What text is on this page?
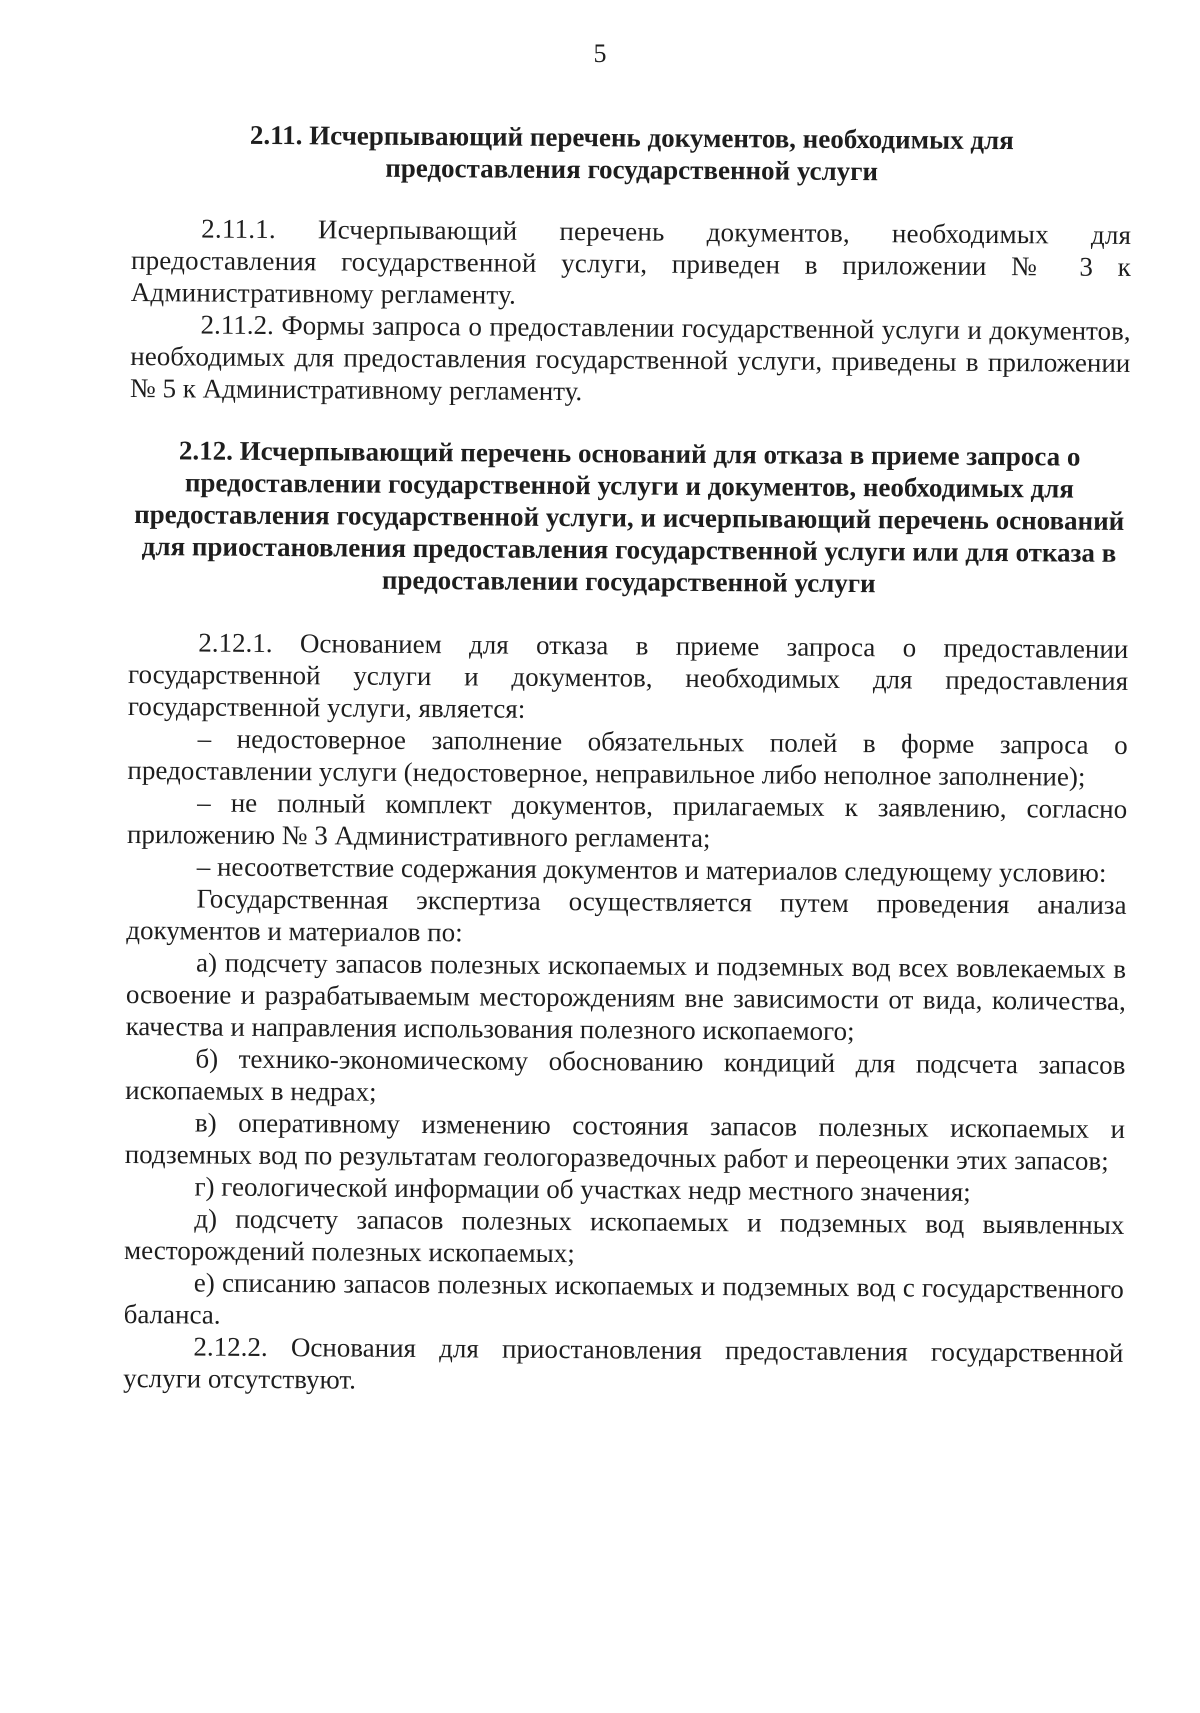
5

2.11. Исчерпывающий перечень документов, необходимых для предоставления государственной услуги

2.11.1. Исчерпывающий перечень документов, необходимых для предоставления государственной услуги, приведен в приложении № 3 к Административному регламенту.

2.11.2. Формы запроса о предоставлении государственной услуги и документов, необходимых для предоставления государственной услуги, приведены в приложении № 5 к Административному регламенту.

2.12. Исчерпывающий перечень оснований для отказа в приеме запроса о предоставлении государственной услуги и документов, необходимых для предоставления государственной услуги, и исчерпывающий перечень оснований для приостановления предоставления государственной услуги или для отказа в предоставлении государственной услуги

2.12.1. Основанием для отказа в приеме запроса о предоставлении государственной услуги и документов, необходимых для предоставления государственной услуги, является:

– недостоверное заполнение обязательных полей в форме запроса о предоставлении услуги (недостоверное, неправильное либо неполное заполнение);

– не полный комплект документов, прилагаемых к заявлению, согласно приложению № 3 Административного регламента;

– несоответствие содержания документов и материалов следующему условию:

Государственная экспертиза осуществляется путем проведения анализа документов и материалов по:

а) подсчету запасов полезных ископаемых и подземных вод всех вовлекаемых в освоение и разрабатываемым месторождениям вне зависимости от вида, количества, качества и направления использования полезного ископаемого;

б) технико-экономическому обоснованию кондиций для подсчета запасов ископаемых в недрах;

в) оперативному изменению состояния запасов полезных ископаемых и подземных вод по результатам геологоразведочных работ и переоценки этих запасов;

г) геологической информации об участках недр местного значения;

д) подсчету запасов полезных ископаемых и подземных вод выявленных месторождений полезных ископаемых;

е) списанию запасов полезных ископаемых и подземных вод с государственного баланса.

2.12.2. Основания для приостановления предоставления государственной услуги отсутствуют.
